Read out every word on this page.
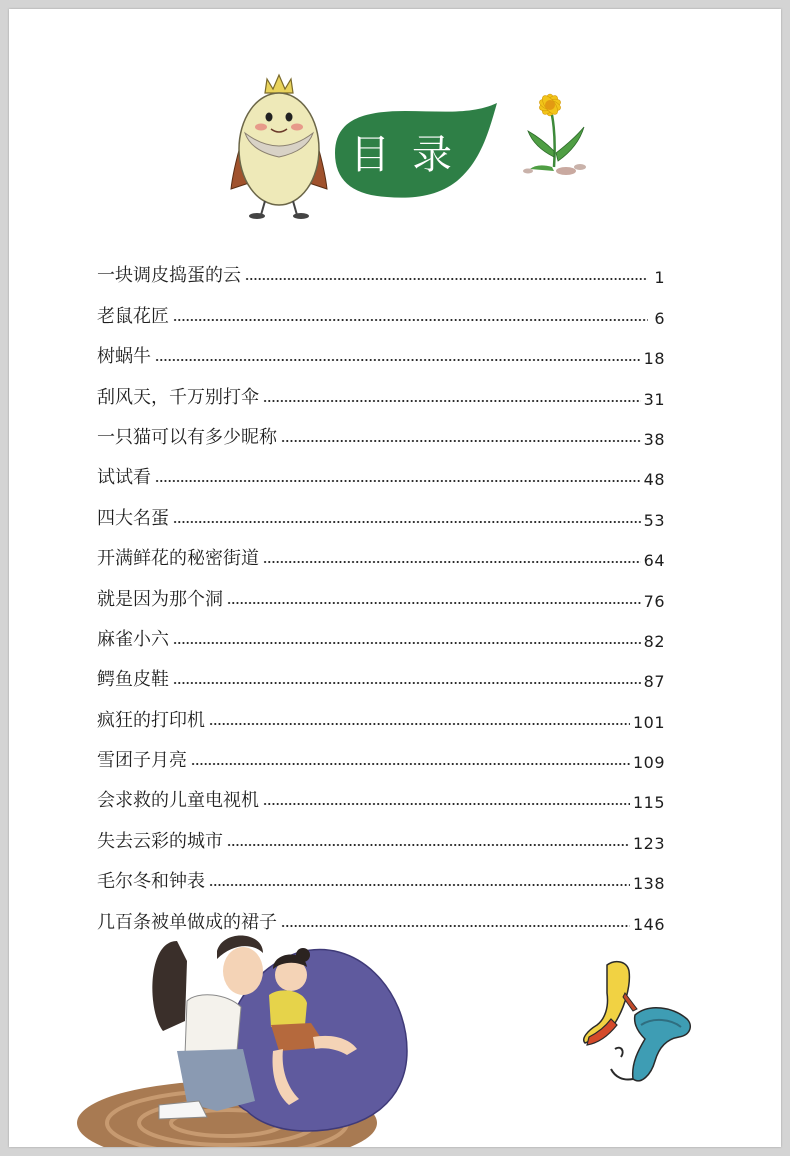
目录
一块调皮捣蛋的云	1
老鼠花匠	6
树蜗牛	18
刮风天，千万别打伞	31
一只猫可以有多少昵称	38
试试看	48
四大名蛋	53
开满鲜花的秘密街道	64
就是因为那个洞	76
麻雀小六	82
鳄鱼皮鞋	87
疯狂的打印机	101
雪团子月亮	109
会求救的儿童电视机	115
失去云彩的城市	123
毛尔冬和钟表	138
几百条被单做成的裙子	146
